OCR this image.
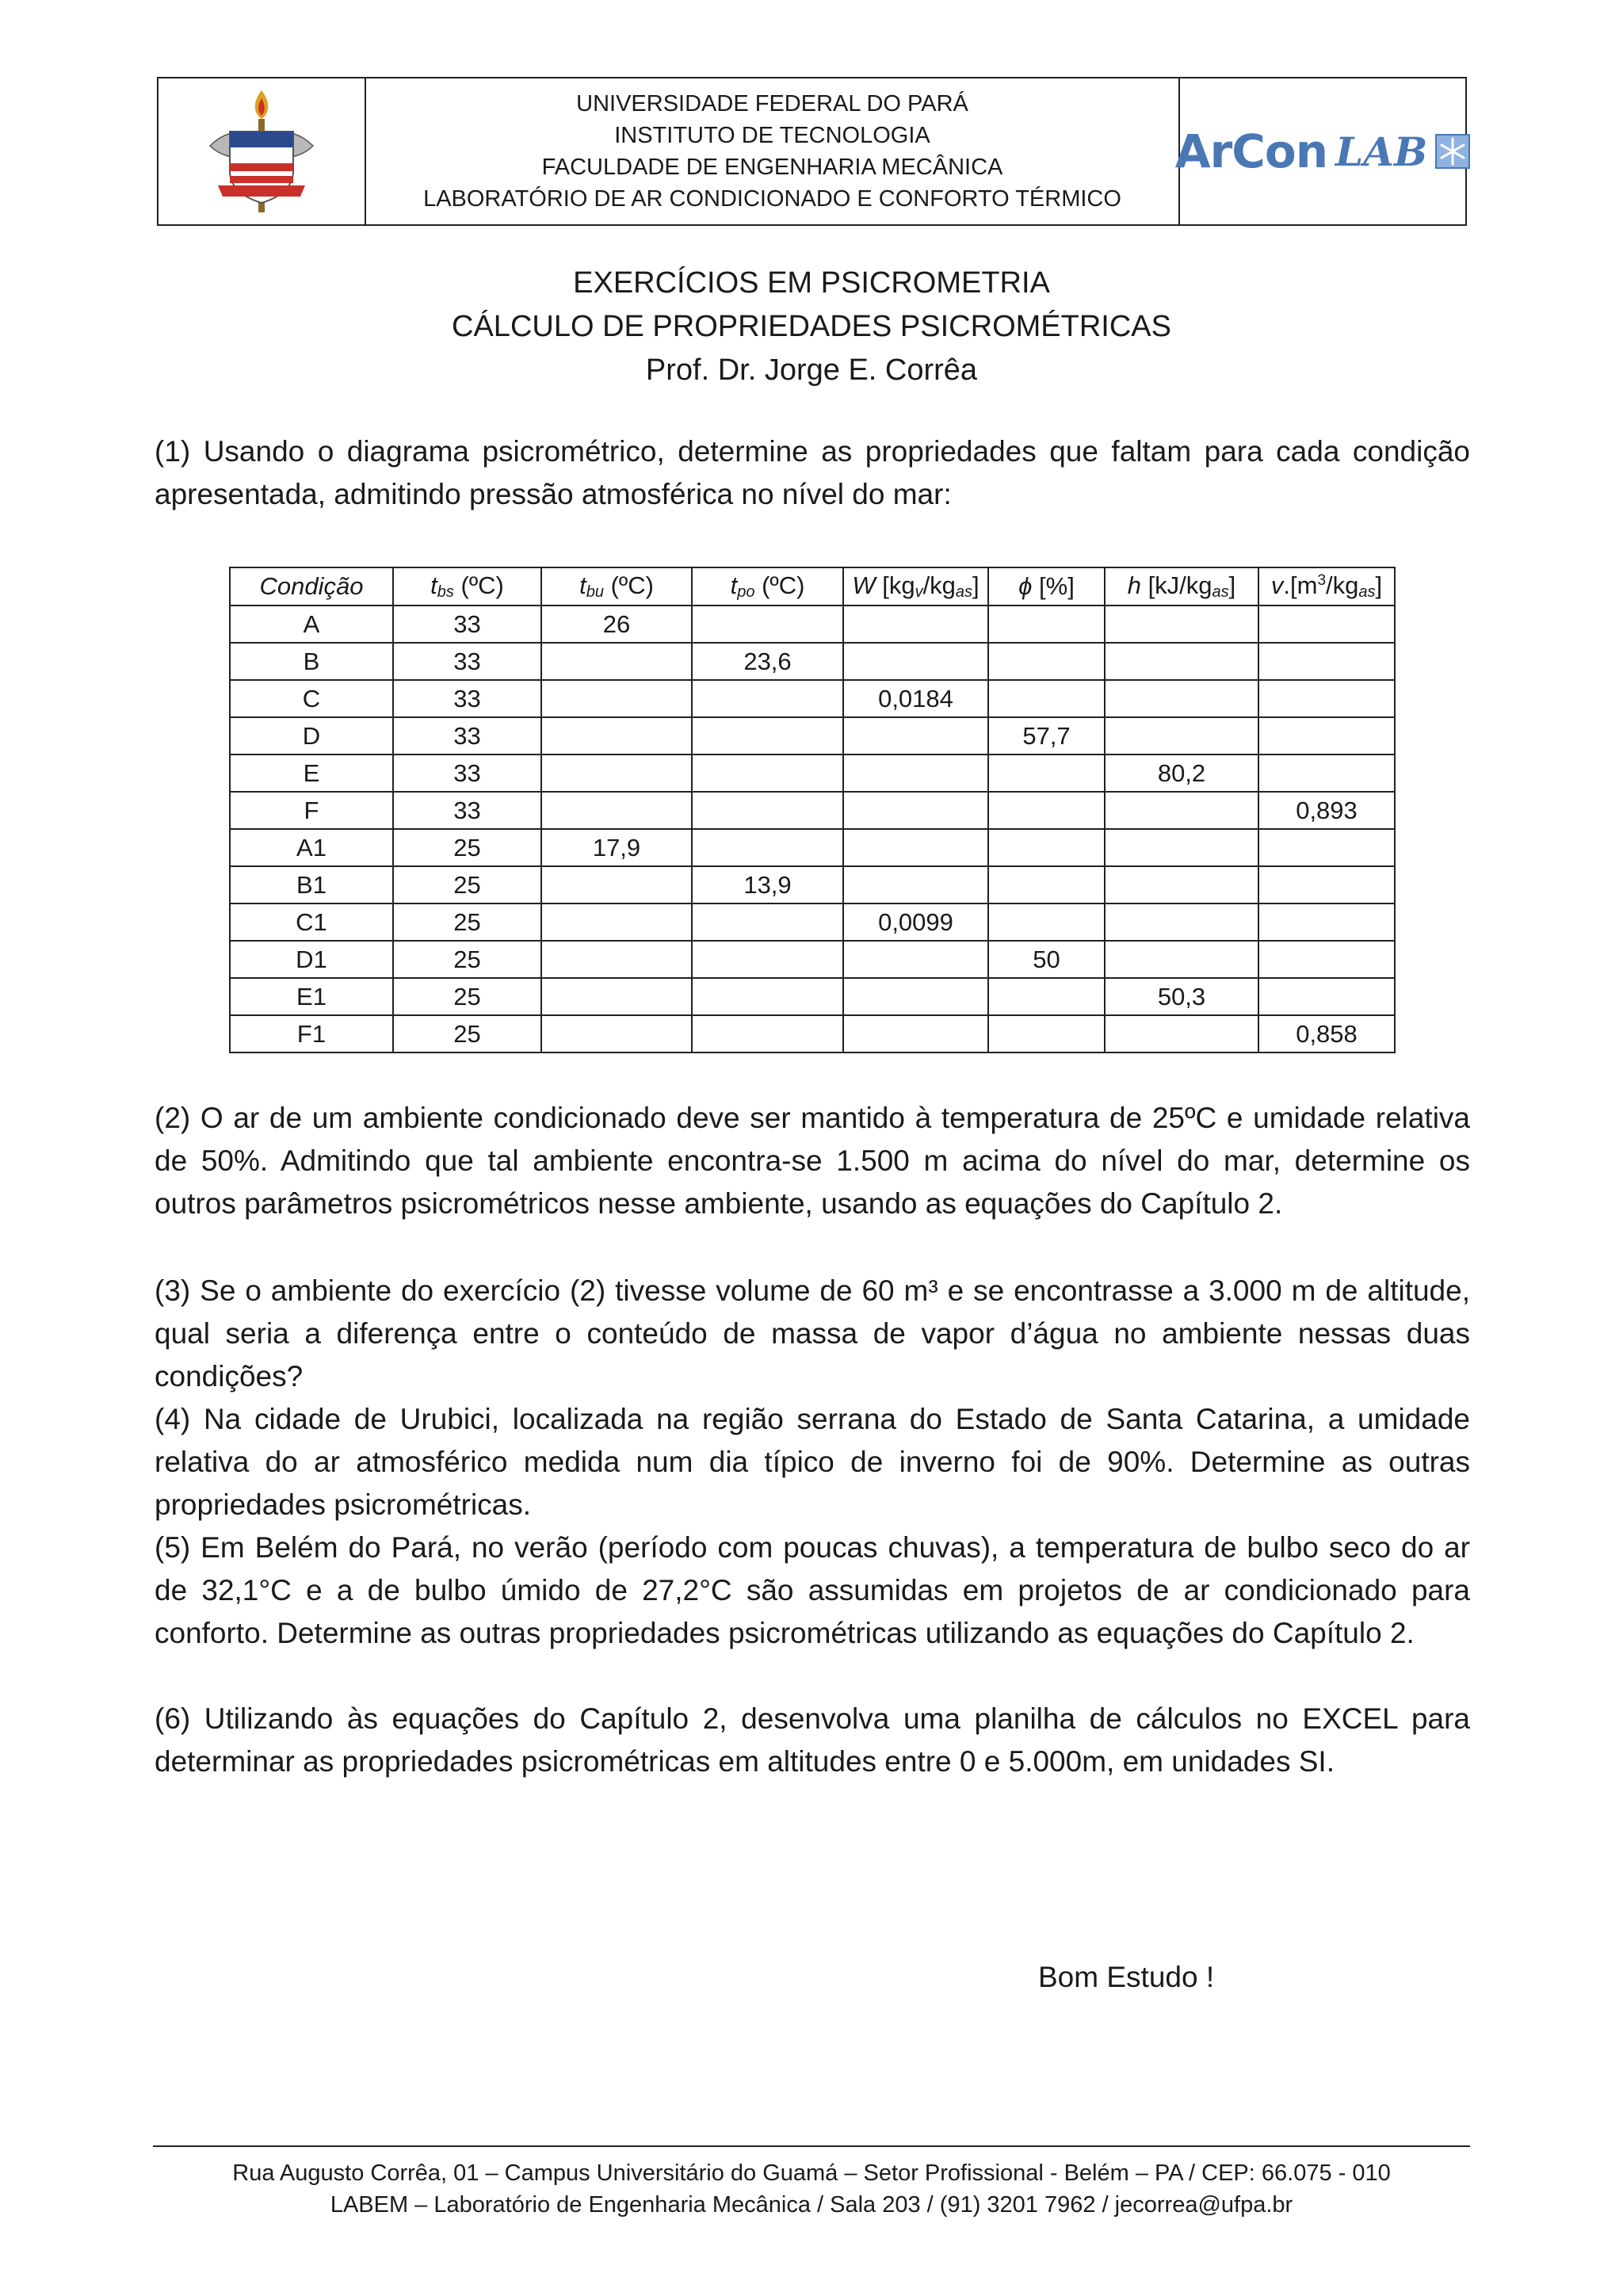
UNIVERSIDADE FEDERAL DO PARÁ
INSTITUTO DE TECNOLOGIA
FACULDADE DE ENGENHARIA MECÂNICA
LABORATÓRIO DE AR CONDICIONADO E CONFORTO TÉRMICO
ArCon LAB
EXERCÍCIOS EM PSICROMETRIA
CÁLCULO DE PROPRIEDADES PSICROMÉTRICAS
Prof. Dr. Jorge E. Corrêa
(1) Usando o diagrama psicrométrico, determine as propriedades que faltam para cada condição apresentada, admitindo pressão atmosférica no nível do mar:
Condição	$t_{bs}$ (ºC)	$t_{bu}$ (ºC)	$t_{po}$ (ºC)	W $[kg_v/kg_{as}]$	ϕ [%]	h $[kJ/kg_{as}]$	$v.[m^3/kg_{as}]$
A	33	26					
B	33		23,6				
C	33			0,0184			
D	33				57,7		
E	33					80,2	
F	33						0,893
A1	25	17,9					
B1	25		13,9				
C1	25			0,0099			
D1	25				50		
E1	25					50,3	
F1	25						0,858
(2) O ar de um ambiente condicionado deve ser mantido à temperatura de 25ºC e umidade relativa de 50%. Admitindo que tal ambiente encontra-se 1.500 m acima do nível do mar, determine os outros parâmetros psicrométricos nesse ambiente, usando as equações do Capítulo 2.
(3) Se o ambiente do exercício (2) tivesse volume de 60 m³ e se encontrasse a 3.000 m de altitude, qual seria a diferença entre o conteúdo de massa de vapor d’água no ambiente nessas duas condições?
(4) Na cidade de Urubici, localizada na região serrana do Estado de Santa Catarina, a umidade relativa do ar atmosférico medida num dia típico de inverno foi de 90%. Determine as outras propriedades psicrométricas.
(5) Em Belém do Pará, no verão (período com poucas chuvas), a temperatura de bulbo seco do ar de 32,1°C e a de bulbo úmido de 27,2°C são assumidas em projetos de ar condicionado para conforto. Determine as outras propriedades psicrométricas utilizando as equações do Capítulo 2.
(6) Utilizando às equações do Capítulo 2, desenvolva uma planilha de cálculos no EXCEL para determinar as propriedades psicrométricas em altitudes entre 0 e 5.000m, em unidades SI.
Bom Estudo !
Rua Augusto Corrêa, 01 – Campus Universitário do Guamá – Setor Profissional - Belém – PA / CEP: 66.075 - 010
LABEM – Laboratório de Engenharia Mecânica / Sala 203 / (91) 3201 7962 / jecorrea@ufpa.br
